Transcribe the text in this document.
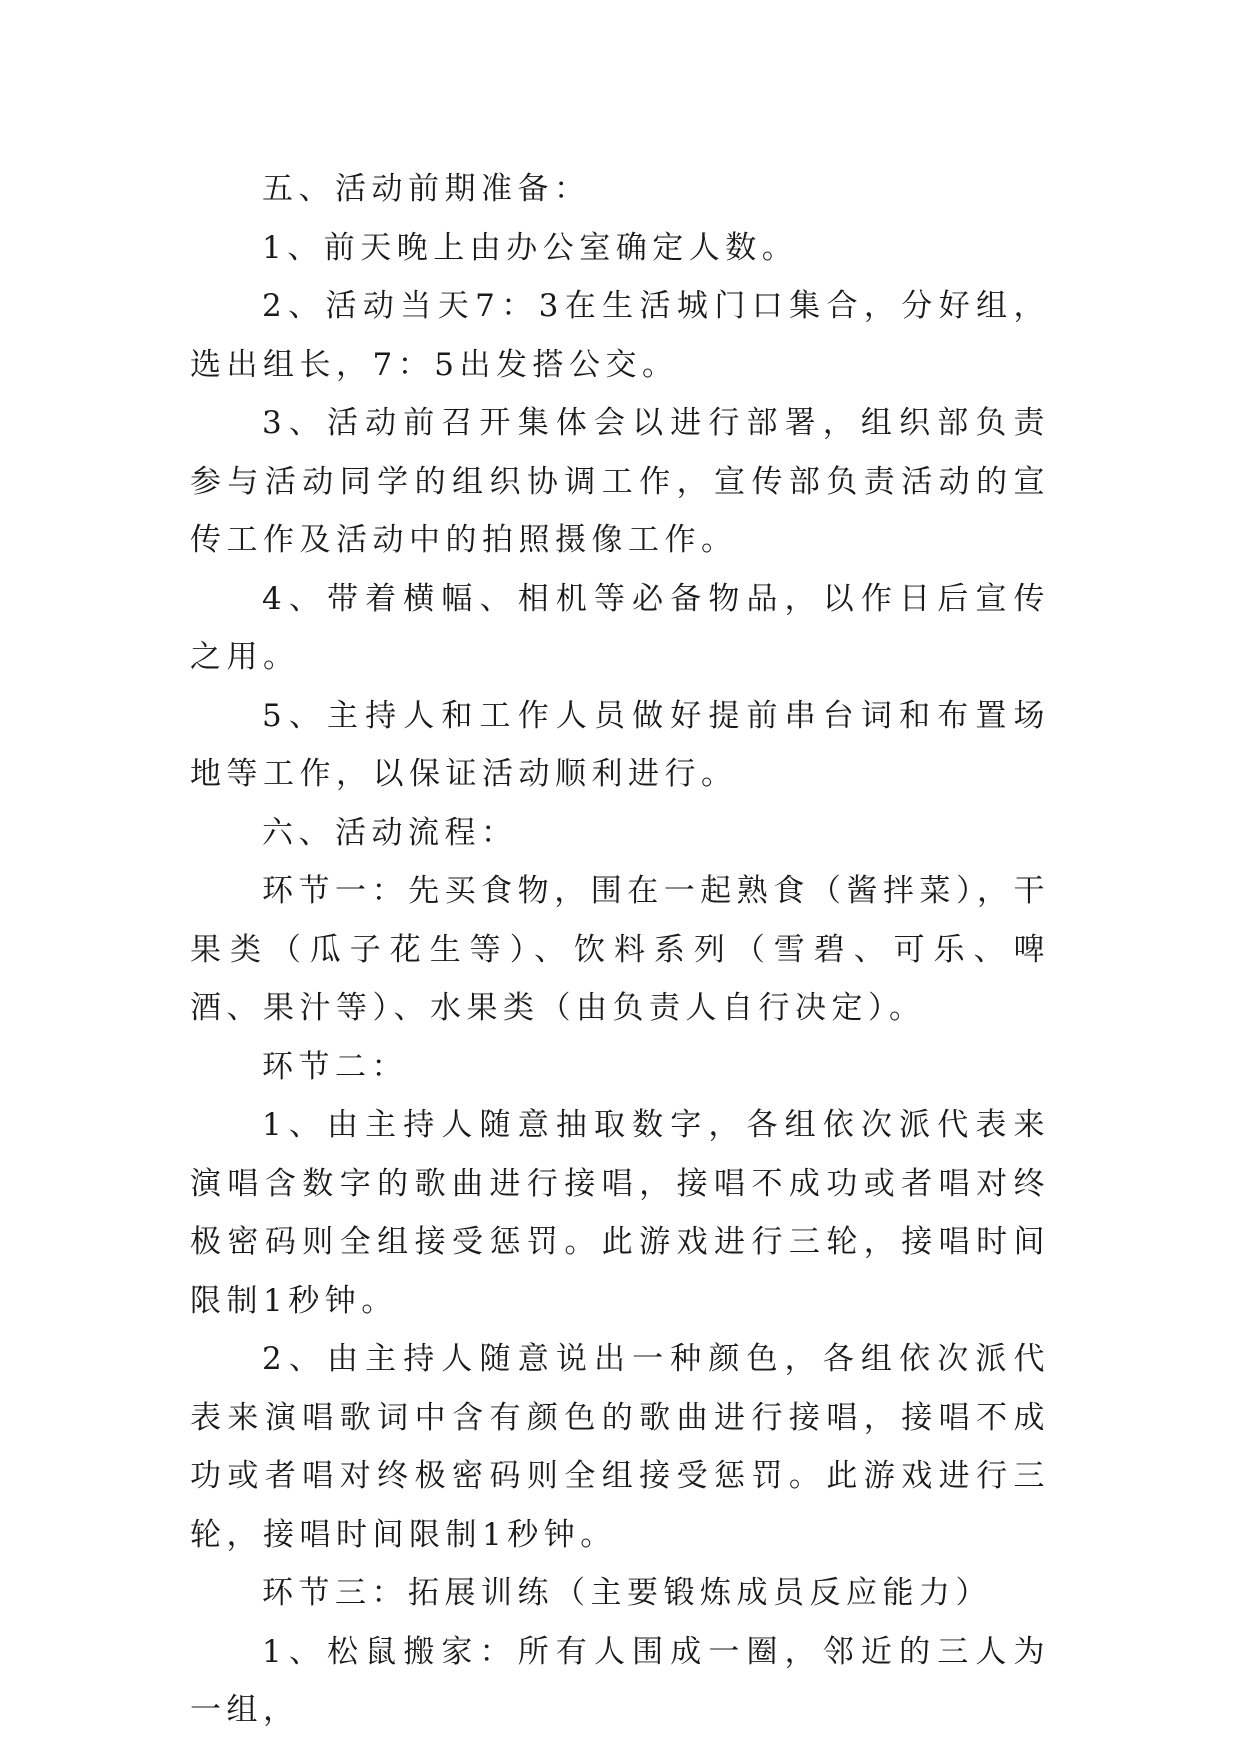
五、活动前期准备：

1、前天晚上由办公室确定人数。

2、活动当天7：3在生活城门口集合，分好组，选出组长，7：5出发搭公交。

3、活动前召开集体会以进行部署，组织部负责参与活动同学的组织协调工作，宣传部负责活动的宣传工作及活动中的拍照摄像工作。

4、带着横幅、相机等必备物品，以作日后宣传之用。

5、主持人和工作人员做好提前串台词和布置场地等工作，以保证活动顺利进行。

六、活动流程：

环节一：先买食物，围在一起熟食（酱拌菜），干果类（瓜子花生等）、饮料系列（雪碧、可乐、啤酒、果汁等）、水果类（由负责人自行决定）。

环节二：

1、由主持人随意抽取数字，各组依次派代表来演唱含数字的歌曲进行接唱，接唱不成功或者唱对终极密码则全组接受惩罚。此游戏进行三轮，接唱时间限制1秒钟。

2、由主持人随意说出一种颜色，各组依次派代表来演唱歌词中含有颜色的歌曲进行接唱，接唱不成功或者唱对终极密码则全组接受惩罚。此游戏进行三轮，接唱时间限制1秒钟。

环节三：拓展训练（主要锻炼成员反应能力）

1、松鼠搬家：所有人围成一圈，邻近的三人为一组，
